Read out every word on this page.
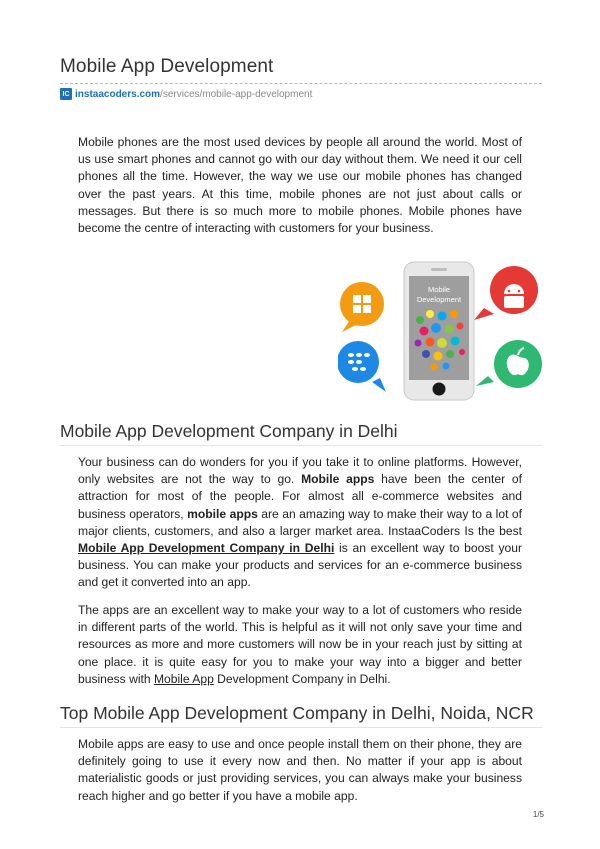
Mobile App Development
IC instaacoders.com /services/mobile-app-development

Mobile phones are the most used devices by people all around the world. Most of us use smart phones and cannot go with our day without them. We need it our cell phones all the time. However, the way we use our mobile phones has changed over the past years. At this time, mobile phones are not just about calls or messages. But there is so much more to mobile phones. Mobile phones have become the centre of interacting with customers for your business.

Mobile
Development
Mobile App Development Company in Delhi

Your business can do wonders for you if you take it to online platforms. However, only websites are not the way to go. Mobile apps have been the center of attraction for most of the people. For almost all e-commerce websites and business operators, mobile apps are an amazing way to make their way to a lot of major clients, customers, and also a larger market area. InstaaCoders Is the best Mobile App Development Company in Delhi is an excellent way to boost your business. You can make your products and services for an e-commerce business and get it converted into an app.

The apps are an excellent way to make your way to a lot of customers who reside in different parts of the world. This is helpful as it will not only save your time and resources as more and more customers will now be in your reach just by sitting at one place. it is quite easy for you to make your way into a bigger and better business with Mobile App Development Company in Delhi.

Top Mobile App Development Company in Delhi, Noida, NCR

Mobile apps are easy to use and once people install them on their phone, they are definitely going to use it every now and then. No matter if your app is about materialistic goods or just providing services, you can always make your business reach higher and go better if you have a mobile app.

1/5
